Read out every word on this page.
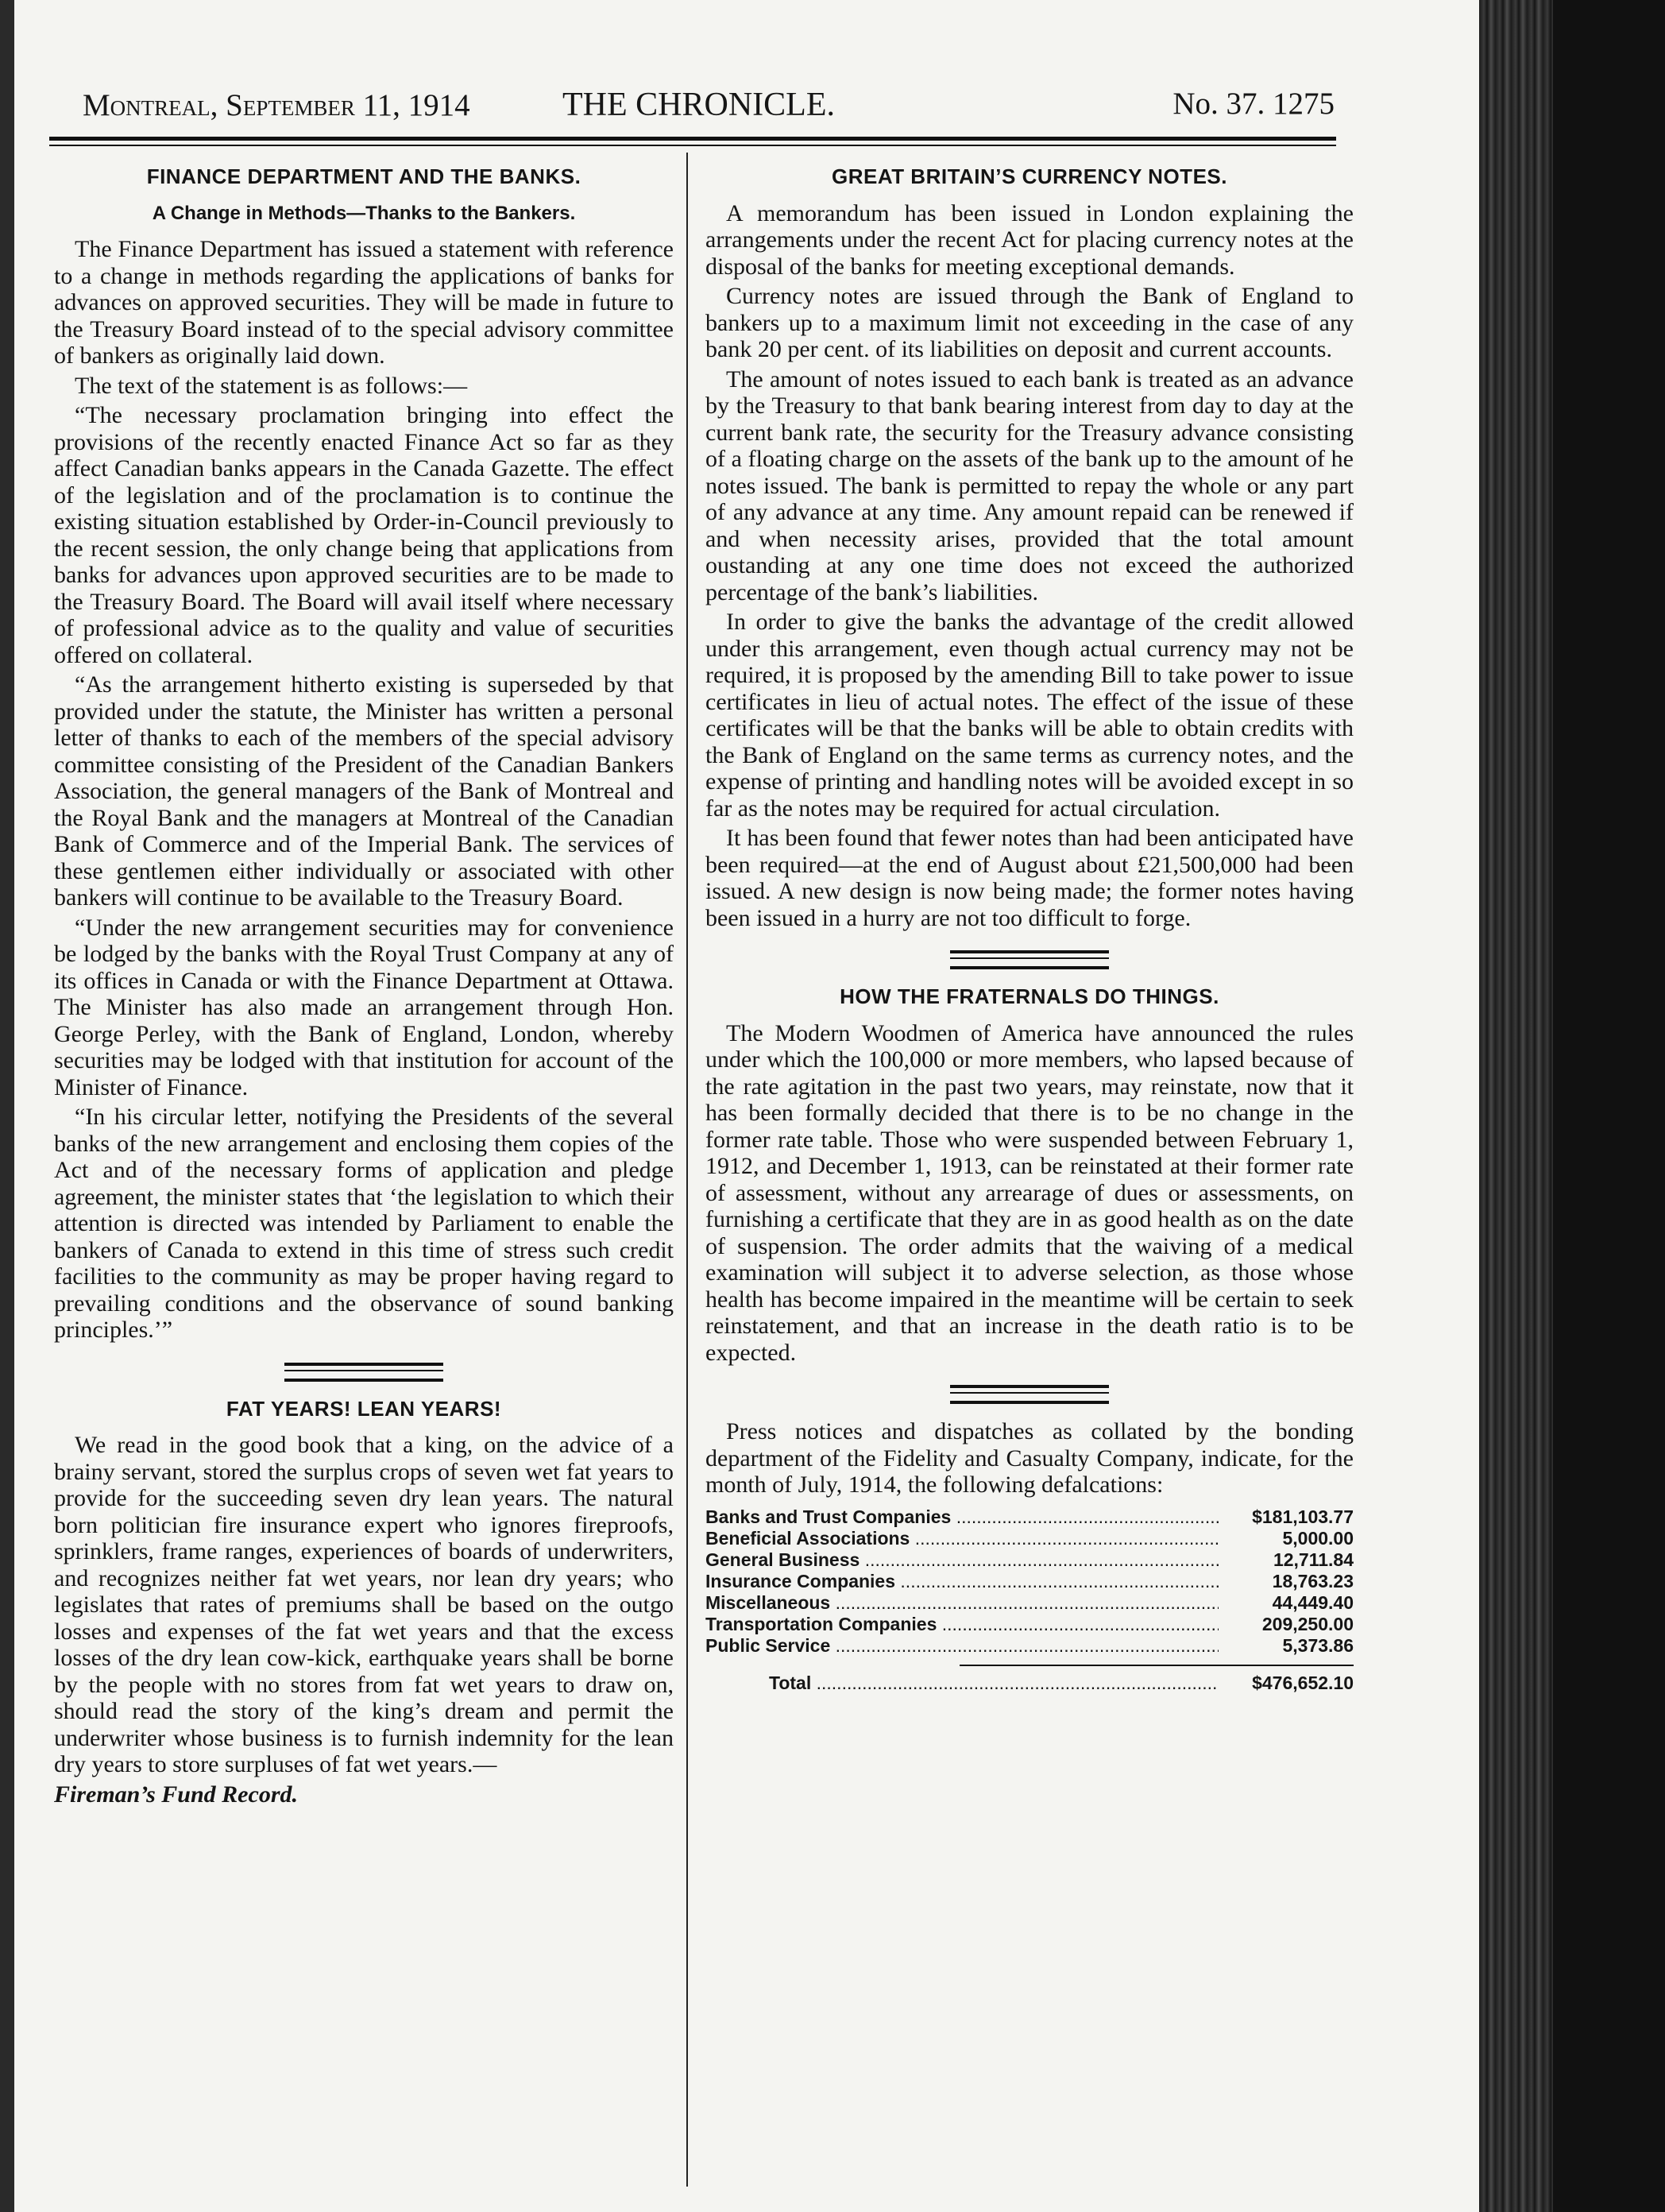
Montreal, September 11, 1914	THE CHRONICLE.	No. 37. 1275
FINANCE DEPARTMENT AND THE BANKS.
A Change in Methods—Thanks to the Bankers.

The Finance Department has issued a statement with reference to a change in methods regarding the applications of banks for advances on approved securities. They will be made in future to the Treasury Board instead of to the special advisory committee of bankers as originally laid down.

The text of the statement is as follows:—

“The necessary proclamation bringing into effect the provisions of the recently enacted Finance Act so far as they affect Canadian banks appears in the Canada Gazette. The effect of the legislation and of the proclamation is to continue the existing situation established by Order-in-Council previously to the recent session, the only change being that applications from banks for advances upon approved securities are to be made to the Treasury Board. The Board will avail itself where necessary of professional advice as to the quality and value of securities offered on collateral.

“As the arrangement hitherto existing is superseded by that provided under the statute, the Minister has written a personal letter of thanks to each of the members of the special advisory committee consisting of the President of the Canadian Bankers Association, the general managers of the Bank of Montreal and the Royal Bank and the managers at Montreal of the Canadian Bank of Commerce and of the Imperial Bank. The services of these gentlemen either individually or associated with other bankers will continue to be available to the Treasury Board.

“Under the new arrangement securities may for convenience be lodged by the banks with the Royal Trust Company at any of its offices in Canada or with the Finance Department at Ottawa. The Minister has also made an arrangement through Hon. George Perley, with the Bank of England, London, whereby securities may be lodged with that institution for account of the Minister of Finance.

“In his circular letter, notifying the Presidents of the several banks of the new arrangement and enclosing them copies of the Act and of the necessary forms of application and pledge agreement, the minister states that ‘the legislation to which their attention is directed was intended by Parliament to enable the bankers of Canada to extend in this time of stress such credit facilities to the community as may be proper having regard to prevailing conditions and the observance of sound banking principles.’”

FAT YEARS! LEAN YEARS!

We read in the good book that a king, on the advice of a brainy servant, stored the surplus crops of seven wet fat years to provide for the succeeding seven dry lean years. The natural born politician fire insurance expert who ignores fireproofs, sprinklers, frame ranges, experiences of boards of underwriters, and recognizes neither fat wet years, nor lean dry years; who legislates that rates of premiums shall be based on the outgo losses and expenses of the fat wet years and that the excess losses of the dry lean cow-kick, earthquake years shall be borne by the people with no stores from fat wet years to draw on, should read the story of the king’s dream and permit the underwriter whose business is to furnish indemnity for the lean dry years to store surpluses of fat wet years.—

Fireman’s Fund Record.

GREAT BRITAIN’S CURRENCY NOTES.

A memorandum has been issued in London explaining the arrangements under the recent Act for placing currency notes at the disposal of the banks for meeting exceptional demands.

Currency notes are issued through the Bank of England to bankers up to a maximum limit not exceeding in the case of any bank 20 per cent. of its liabilities on deposit and current accounts.

The amount of notes issued to each bank is treated as an advance by the Treasury to that bank bearing interest from day to day at the current bank rate, the security for the Treasury advance consisting of a floating charge on the assets of the bank up to the amount of he notes issued. The bank is permitted to repay the whole or any part of any advance at any time. Any amount repaid can be renewed if and when necessity arises, provided that the total amount oustanding at any one time does not exceed the authorized percentage of the bank’s liabilities.

In order to give the banks the advantage of the credit allowed under this arrangement, even though actual currency may not be required, it is proposed by the amending Bill to take power to issue certificates in lieu of actual notes. The effect of the issue of these certificates will be that the banks will be able to obtain credits with the Bank of England on the same terms as currency notes, and the expense of printing and handling notes will be avoided except in so far as the notes may be required for actual circulation.

It has been found that fewer notes than had been anticipated have been required—at the end of August about £21,500,000 had been issued. A new design is now being made; the former notes having been issued in a hurry are not too difficult to forge.

HOW THE FRATERNALS DO THINGS.

The Modern Woodmen of America have announced the rules under which the 100,000 or more members, who lapsed because of the rate agitation in the past two years, may reinstate, now that it has been formally decided that there is to be no change in the former rate table. Those who were suspended between February 1, 1912, and December 1, 1913, can be reinstated at their former rate of assessment, without any arrearage of dues or assessments, on furnishing a certificate that they are in as good health as on the date of suspension. The order admits that the waiving of a medical examination will subject it to adverse selection, as those whose health has become impaired in the meantime will be certain to seek reinstatement, and that an increase in the death ratio is to be expected.

Press notices and dispatches as collated by the bonding department of the Fidelity and Casualty Company, indicate, for the month of July, 1914, the following defalcations:

Banks and Trust Companies .....	$181,103.77
Beneficial Associations .....	5,000.00
General Business .....	12,711.84
Insurance Companies .....	18,763.23
Miscellaneous .....	44,449.40
Transportation Companies .....	209,250.00
Public Service .....	5,373.86
Total .....	$476,652.10
